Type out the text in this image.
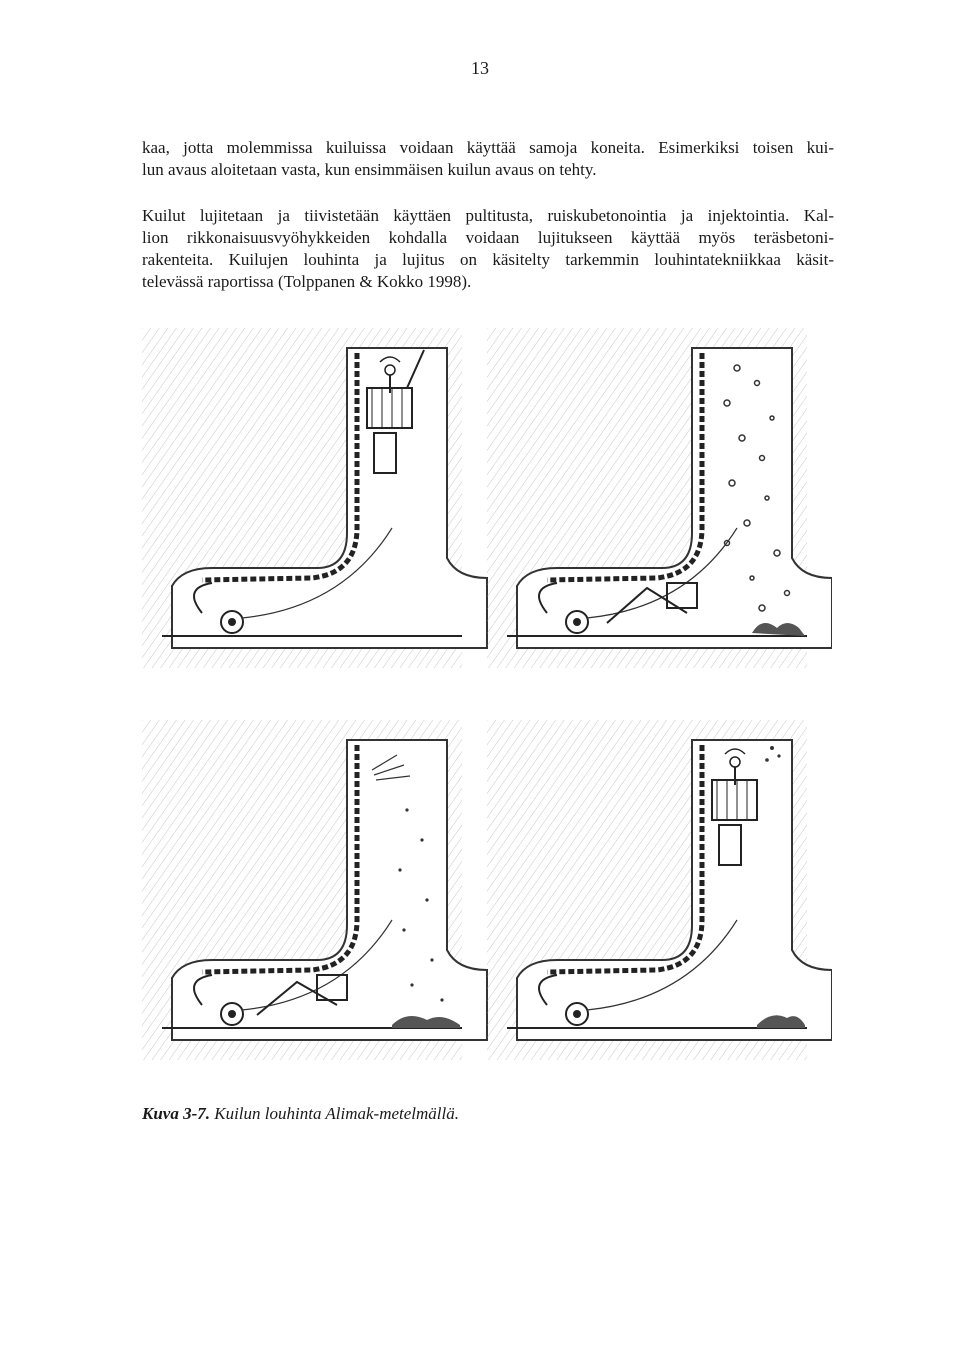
13

kaa, jotta molemmissa kuiluissa voidaan käyttää samoja koneita. Esimerkiksi toisen kui-
lun avaus aloitetaan vasta, kun ensimmäisen kuilun avaus on tehty.

Kuilut lujitetaan ja tiivistetään käyttäen pultitusta, ruiskubetonointia ja injektointia. Kal-
lion rikkonaisuusvyöhykkeiden kohdalla voidaan lujitukseen käyttää myös teräsbetoni-
rakenteita. Kuilujen louhinta ja lujitus on käsitelty tarkemmin louhintatekniikkaa käsit-
televässä raportissa (Tolppanen & Kokko 1998).

Kuva 3-7. Kuilun louhinta Alimak-metelmällä.
